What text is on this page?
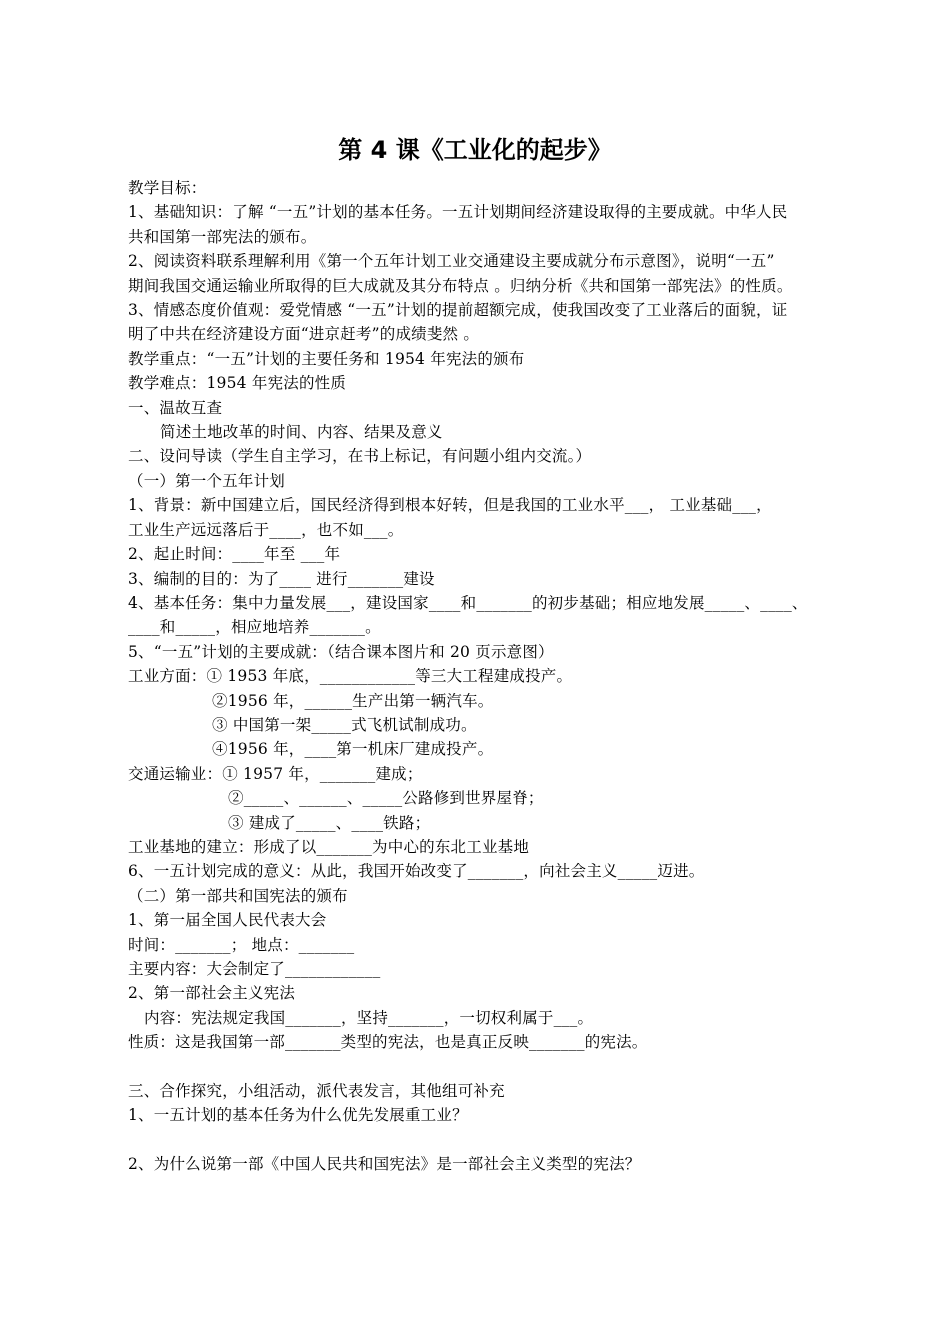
第 4 课《工业化的起步》
教学目标：
1、基础知识：了解 “一五”计划的基本任务。一五计划期间经济建设取得的主要成就。中华人民
共和国第一部宪法的颁布。
2、阅读资料联系理解利用《第一个五年计划工业交通建设主要成就分布示意图》，说明“一五”
期间我国交通运输业所取得的巨大成就及其分布特点 。归纳分析《共和国第一部宪法》的性质。
3、情感态度价值观：爱党情感 “一五”计划的提前超额完成，使我国改变了工业落后的面貌，证
明了中共在经济建设方面“进京赶考”的成绩斐然 。
教学重点：“一五”计划的主要任务和 1954 年宪法的颁布
教学难点：1954 年宪法的性质
一、温故互查
简述土地改革的时间、内容、结果及意义
二、设问导读（学生自主学习，在书上标记，有问题小组内交流。）
（一）第一个五年计划
1、背景：新中国建立后，国民经济得到根本好转，但是我国的工业水平___， 工业基础___，
工业生产远远落后于____，也不如___。
2、起止时间：____年至 ___年
3、编制的目的：为了____ 进行_______建设
4、基本任务：集中力量发展___，建设国家____和_______的初步基础；相应地发展_____、____、
____和_____，相应地培养_______。
5、“一五”计划的主要成就：（结合课本图片和 20 页示意图）
工业方面：① 1953 年底，____________等三大工程建成投产。
②1956 年，______生产出第一辆汽车。
③ 中国第一架_____式飞机试制成功。
④1956 年，____第一机床厂建成投产。
交通运输业：① 1957 年，_______建成；
②_____、______、_____公路修到世界屋脊；
③ 建成了_____、____铁路；
工业基地的建立：形成了以_______为中心的东北工业基地
6、一五计划完成的意义：从此，我国开始改变了_______，向社会主义_____迈进。
（二）第一部共和国宪法的颁布
1、第一届全国人民代表大会
时间：_______； 地点：_______
主要内容：大会制定了____________
2、第一部社会主义宪法
内容：宪法规定我国_______，坚持_______，一切权利属于___。
性质：这是我国第一部_______类型的宪法，也是真正反映_______的宪法。
三、合作探究，小组活动，派代表发言，其他组可补充
1、一五计划的基本任务为什么优先发展重工业？
2、为什么说第一部《中国人民共和国宪法》是一部社会主义类型的宪法？
